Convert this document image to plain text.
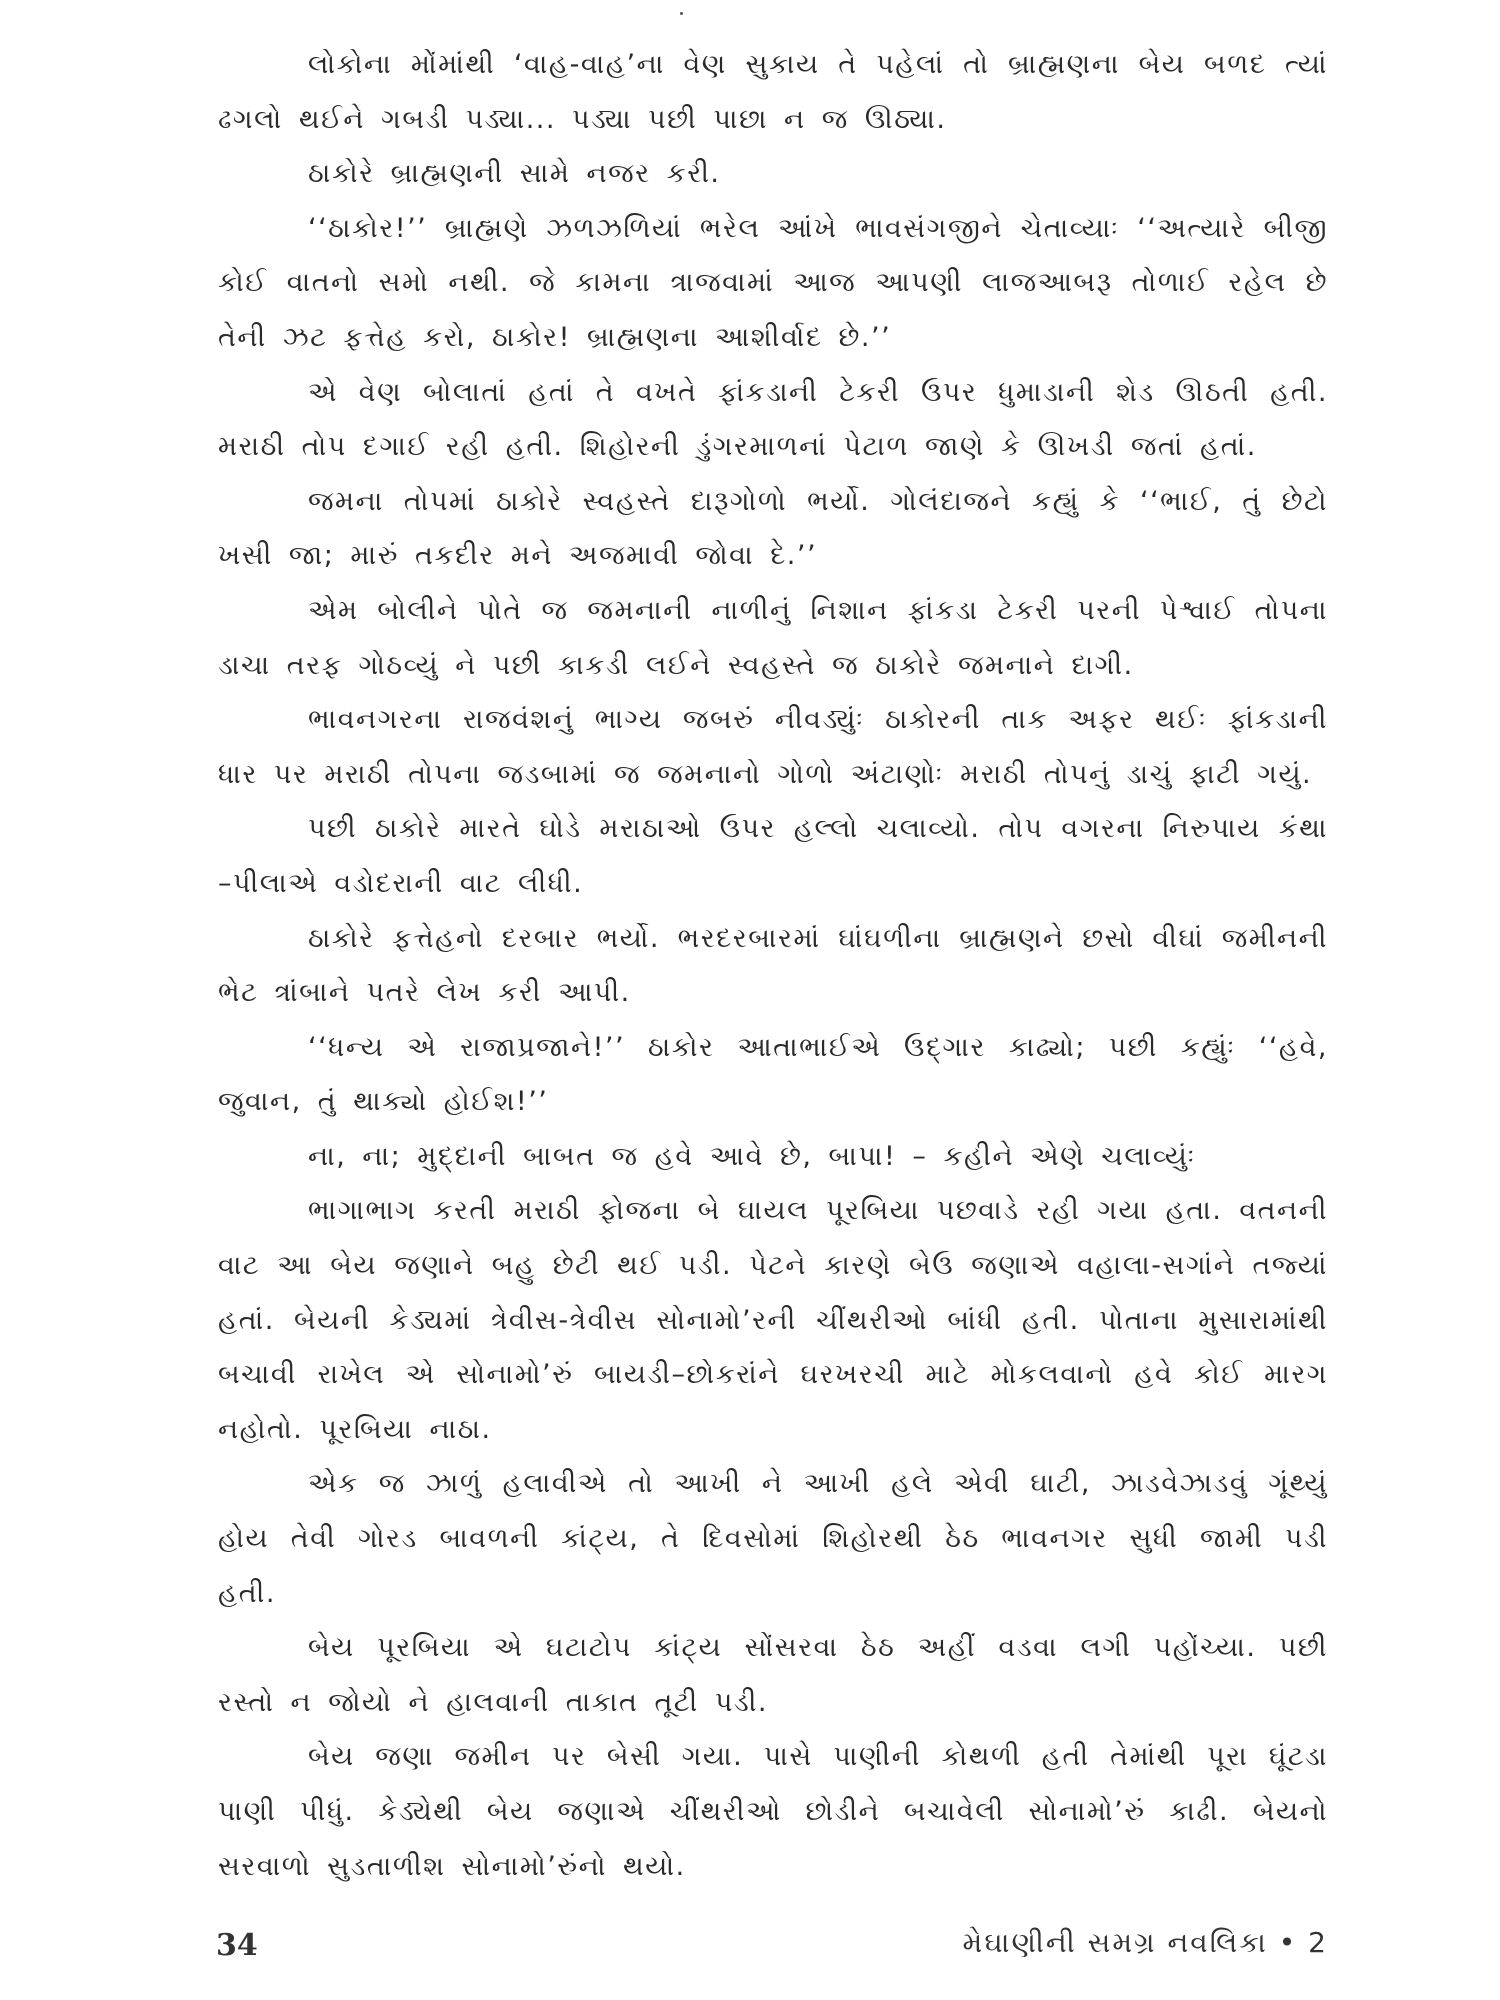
લોકોના મોંમાંથી ‘વાહ-વાહ’ના વેણ સુકાય તે પહેલાં તો બ્રાહ્મણના બેય બળદ ત્યાં ઢગલો થઈને ગબડી પડ્યા... પડ્યા પછી પાછા ન જ ઊઠ્યા.

ઠાકોરે બ્રાહ્મણની સામે નજર કરી.

‘‘ઠાકોર!’’ બ્રાહ્મણે ઝળઝળિયાં ભરેલ આંખે ભાવસંગજીને ચેતાવ્યાઃ ‘‘અત્યારે બીજી કોઈ વાતનો સમો નથી. જે કામના ત્રાજવામાં આજ આપણી લાજઆબરૂ તોળાઈ રહેલ છે તેની ઝટ ફત્તેહ કરો, ઠાકોર! બ્રાહ્મણના આશીર્વાદ છે.’’

એ વેણ બોલાતાં હતાં તે વખતે ફાંકડાની ટેકરી ઉપર ધુમાડાની શેડ ઊઠતી હતી. મરાઠી તોપ દગાઈ રહી હતી. શિહોરની ડુંગરમાળનાં પેટાળ જાણે કે ઊખડી જતાં હતાં.

જમના તોપમાં ઠાકોરે સ્વહસ્તે દારૂગોળો ભર્યો. ગોલંદાજને કહ્યું કે ‘‘ભાઈ, તું છેટો ખસી જા; મારું તકદીર મને અજમાવી જોવા દે.’’

એમ બોલીને પોતે જ જમનાની નાળીનું નિશાન ફાંકડા ટેકરી પરની પેશ્વાઈ તોપના ડાચા તરફ ગોઠવ્યું ને પછી કાકડી લઈને સ્વહસ્તે જ ઠાકોરે જમનાને દાગી.

ભાવનગરના રાજવંશનું ભાગ્ય જબરું નીવડ્યુંઃ ઠાકોરની તાક અફર થઈઃ ફાંકડાની ધાર પર મરાઠી તોપના જડબામાં જ જમનાનો ગોળો અંટાણોઃ મરાઠી તોપનું ડાચું ફાટી ગયું.

પછી ઠાકોરે મારતે ઘોડે મરાઠાઓ ઉપર હલ્લો ચલાવ્યો. તોપ વગરના નિરુપાય કંથા –પીલાએ વડોદરાની વાટ લીધી.

ઠાકોરે ફત્તેહનો દરબાર ભર્યો. ભરદરબારમાં ઘાંઘળીના બ્રાહ્મણને છસો વીઘાં જમીનની ભેટ ત્રાંબાને પતરે લેખ કરી આપી.

‘‘ધન્ય એ રાજાપ્રજાને!’’ ઠાકોર આતાભાઈએ ઉદ્ગાર કાઢ્યો; પછી કહ્યુંઃ ‘‘હવે, જુવાન, તું થાક્યો હોઈશ!’’

ના, ના; મુદ્દાની બાબત જ હવે આવે છે, બાપા! – કહીને એણે ચલાવ્યુંઃ

ભાગાભાગ કરતી મરાઠી ફોજના બે ઘાયલ પૂરબિયા પછવાડે રહી ગયા હતા. વતનની વાટ આ બેય જણાને બહુ છેટી થઈ પડી. પેટને કારણે બેઉ જણાએ વહાલા-સગાંને તજ્યાં હતાં. બેયની કેડ્યમાં ત્રેવીસ-ત્રેવીસ સોનામો’રની ચીંથરીઓ બાંધી હતી. પોતાના મુસારામાંથી બચાવી રાખેલ એ સોનામો’રું બાયડી–છોકરાંને ઘરખરચી માટે મોકલવાનો હવે કોઈ મારગ નહોતો. પૂરબિયા નાઠા.

એક જ ઝાળું હલાવીએ તો આખી ને આખી હલે એવી ઘાટી, ઝાડવેઝાડવું ગૂંથ્યું હોય તેવી ગોરડ બાવળની કાંટ્ય, તે દિવસોમાં શિહોરથી ઠેઠ ભાવનગર સુધી જામી પડી હતી.

બેય પૂરબિયા એ ઘટાટોપ કાંટ્ય સોંસરવા ઠેઠ અહીં વડવા લગી પહોંચ્યા. પછી રસ્તો ન જોયો ને હાલવાની તાકાત તૂટી પડી.

બેય જણા જમીન પર બેસી ગયા. પાસે પાણીની કોથળી હતી તેમાંથી પૂરા ઘૂંટડા પાણી પીધું. કેડ્યેથી બેય જણાએ ચીંથરીઓ છોડીને બચાવેલી સોનામો’રું કાઢી. બેયનો સરવાળો સુડતાળીશ સોનામો’રુંનો થયો.

34	મેઘાણીની સમગ્ર નવલિકા • 2
